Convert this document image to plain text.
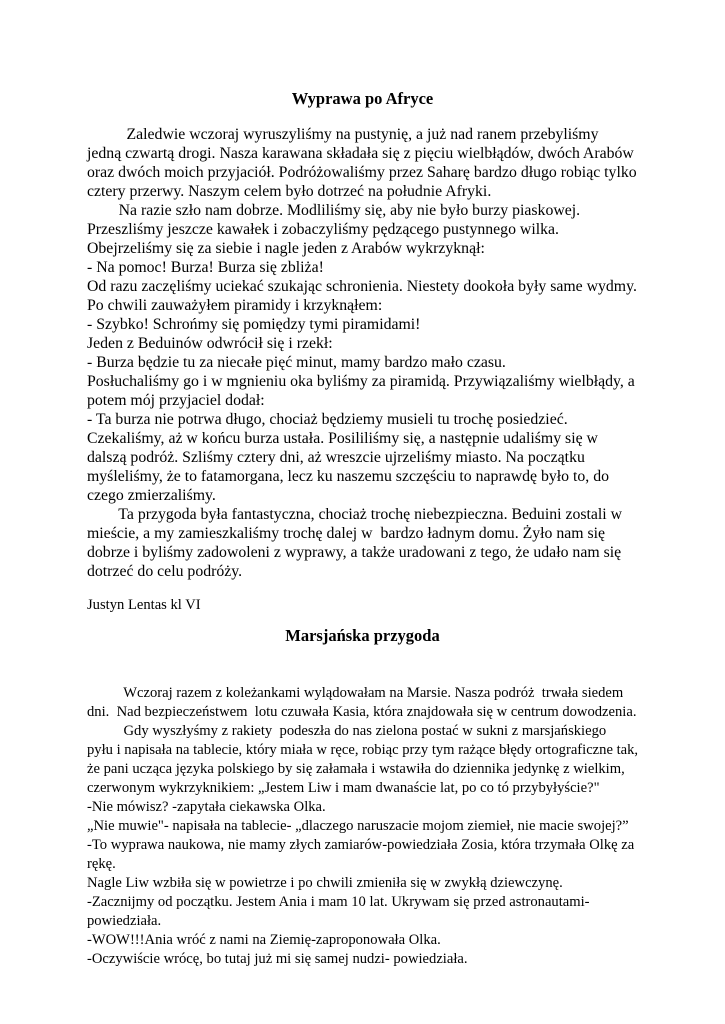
Wyprawa po Afryce

Zaledwie wczoraj wyruszyliśmy na pustynię, a już nad ranem przebyliśmy

jedną czwartą drogi. Nasza karawana składała się z pięciu wielbłądów, dwóch Arabów

oraz dwóch moich przyjaciół. Podróżowaliśmy przez Saharę bardzo długo robiąc tylko

cztery przerwy. Naszym celem było dotrzeć na południe Afryki.

Na razie szło nam dobrze. Modliliśmy się, aby nie było burzy piaskowej.

Przeszliśmy jeszcze kawałek i zobaczyliśmy pędzącego pustynnego wilka.

Obejrzeliśmy się za siebie i nagle jeden z Arabów wykrzyknął:

- Na pomoc! Burza! Burza się zbliża!

Od razu zaczęliśmy uciekać szukając schronienia. Niestety dookoła były same wydmy.

Po chwili zauważyłem piramidy i krzyknąłem:

- Szybko! Schrońmy się pomiędzy tymi piramidami!

Jeden z Beduinów odwrócił się i rzekł:

- Burza będzie tu za niecałe pięć minut, mamy bardzo mało czasu.

Posłuchaliśmy go i w mgnieniu oka byliśmy za piramidą. Przywiązaliśmy wielbłądy, a

potem mój przyjaciel dodał:

- Ta burza nie potrwa długo, chociaż będziemy musieli tu trochę posiedzieć.

Czekaliśmy, aż w końcu burza ustała. Posililiśmy się, a następnie udaliśmy się w

dalszą podróż. Szliśmy cztery dni, aż wreszcie ujrzeliśmy miasto. Na początku

myśleliśmy, że to fatamorgana, lecz ku naszemu szczęściu to naprawdę było to, do

czego zmierzaliśmy.

Ta przygoda była fantastyczna, chociaż trochę niebezpieczna. Beduini zostali w

mieście, a my zamieszkaliśmy trochę dalej w  bardzo ładnym domu. Żyło nam się

dobrze i byliśmy zadowoleni z wyprawy, a także uradowani z tego, że udało nam się

dotrzeć do celu podróży.

Justyn Lentas kl VI

Marsjańska przygoda

Wczoraj razem z koleżankami wylądowałam na Marsie. Nasza podróż  trwała siedem

dni.  Nad bezpieczeństwem  lotu czuwała Kasia, która znajdowała się w centrum dowodzenia.

Gdy wyszłyśmy z rakiety  podeszła do nas zielona postać w sukni z marsjańskiego

pyłu i napisała na tablecie, który miała w ręce, robiąc przy tym rażące błędy ortograficzne tak,

że pani ucząca języka polskiego by się załamała i wstawiła do dziennika jedynkę z wielkim,

czerwonym wykrzyknikiem: „Jestem Liw i mam dwanaście lat, po co tó przybyłyście?"

-Nie mówisz? -zapytała ciekawska Olka.

„Nie muwie"- napisała na tablecie- „dlaczego naruszacie mojom ziemieł, nie macie swojej?”

-To wyprawa naukowa, nie mamy złych zamiarów-powiedziała Zosia, która trzymała Olkę za

rękę.

Nagle Liw wzbiła się w powietrze i po chwili zmieniła się w zwykłą dziewczynę.

-Zacznijmy od początku. Jestem Ania i mam 10 lat. Ukrywam się przed astronautami-

powiedziała.

-WOW!!!Ania wróć z nami na Ziemię-zaproponowała Olka.

-Oczywiście wrócę, bo tutaj już mi się samej nudzi- powiedziała.
